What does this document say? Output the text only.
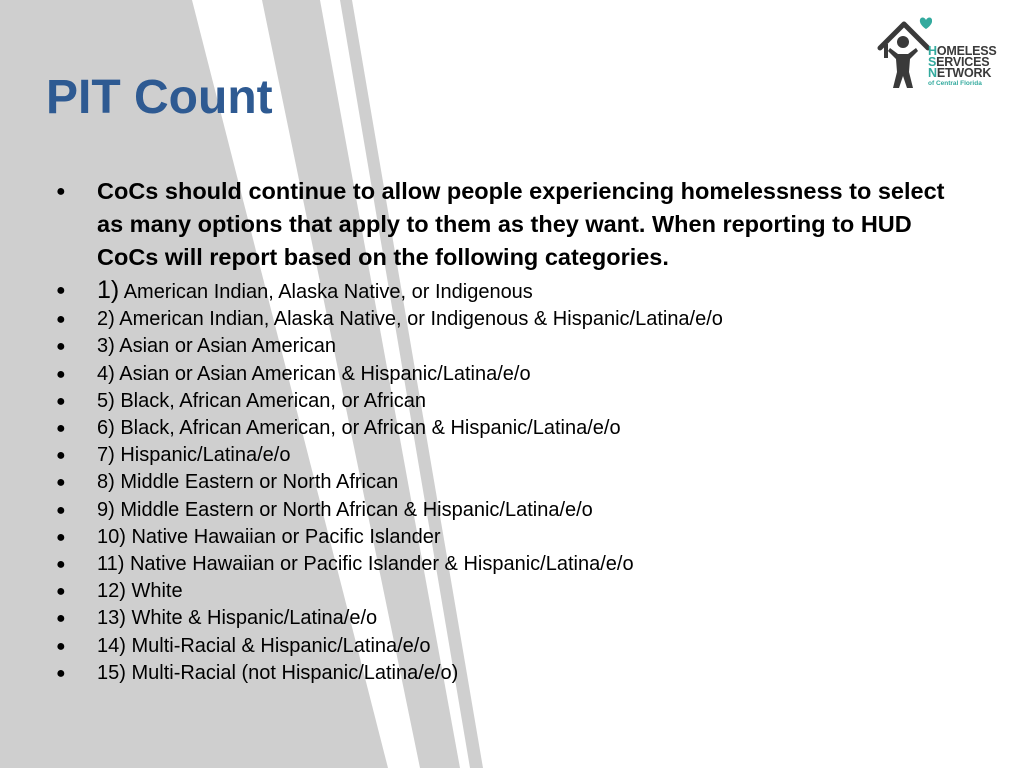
PIT Count
HOMELESS
SERVICES
NETWORK
of Central Florida
● CoCs should continue to allow people experiencing homelessness to select as many options that apply to them as they want. When reporting to HUD CoCs will report based on the following categories.
● 1) American Indian, Alaska Native, or Indigenous
● 2) American Indian, Alaska Native, or Indigenous & Hispanic/Latina/e/o
● 3) Asian or Asian American
● 4) Asian or Asian American & Hispanic/Latina/e/o
● 5) Black, African American, or African
● 6) Black, African American, or African & Hispanic/Latina/e/o
● 7) Hispanic/Latina/e/o
● 8) Middle Eastern or North African
● 9) Middle Eastern or North African & Hispanic/Latina/e/o
● 10) Native Hawaiian or Pacific Islander
● 11) Native Hawaiian or Pacific Islander & Hispanic/Latina/e/o
● 12) White
● 13) White & Hispanic/Latina/e/o
● 14) Multi-Racial & Hispanic/Latina/e/o
● 15) Multi-Racial (not Hispanic/Latina/e/o)
